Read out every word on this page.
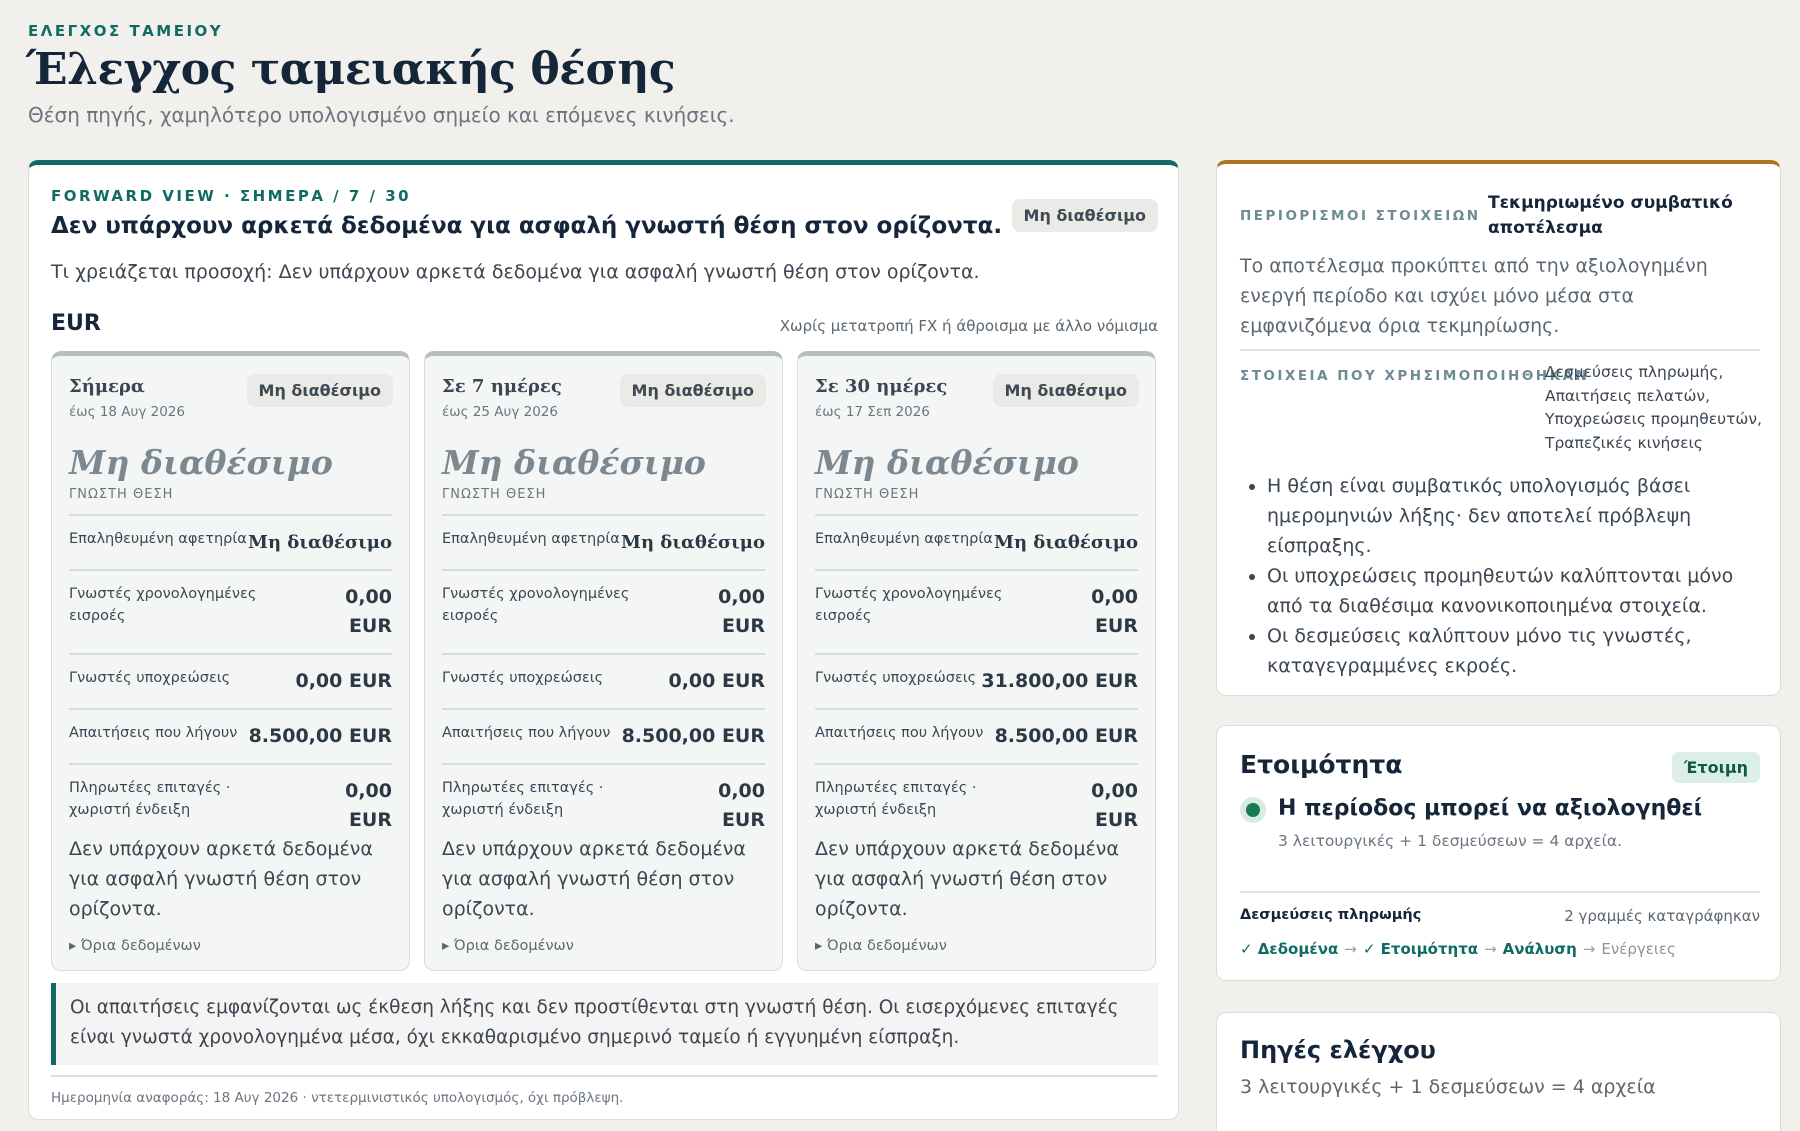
ΕΛΕΓΧΟΣ ΤΑΜΕΙΟΥ
Έλεγχος ταμειακής θέσης
Θέση πηγής, χαμηλότερο υπολογισμένο σημείο και επόμενες κινήσεις.
FORWARD VIEW · ΣΗΜΕΡΑ / 7 / 30
Δεν υπάρχουν αρκετά δεδομένα για ασφαλή γνωστή θέση στον ορίζοντα.	Μη διαθέσιμο
Τι χρειάζεται προσοχή: Δεν υπάρχουν αρκετά δεδομένα για ασφαλή γνωστή θέση στον ορίζοντα.
EUR	Χωρίς μετατροπή FX ή άθροισμα με άλλο νόμισμα
Σήμερα
έως 18 Αυγ 2026
Μη διαθέσιμο
Μη διαθέσιμο
ΓΝΩΣΤΗ ΘΕΣΗ
Επαληθευμένη αφετηρία Μη διαθέσιμο
Γνωστές χρονολογημένες εισροές
0,00 EUR
Γνωστές υποχρεώσεις	0,00 EUR
Απαιτήσεις που λήγουν 8.500,00 EUR
Πληρωτέες επιταγές · χωριστή ένδειξη
0,00 EUR
Δεν υπάρχουν αρκετά δεδομένα για ασφαλή γνωστή θέση στον ορίζοντα.
▸ Όρια δεδομένων
Σε 7 ημέρες
έως 25 Αυγ 2026
Μη διαθέσιμο
Μη διαθέσιμο
ΓΝΩΣΤΗ ΘΕΣΗ
Επαληθευμένη αφετηρία Μη διαθέσιμο
Γνωστές χρονολογημένες εισροές
0,00 EUR
Γνωστές υποχρεώσεις	0,00 EUR
Απαιτήσεις που λήγουν 8.500,00 EUR
Πληρωτέες επιταγές · χωριστή ένδειξη
0,00 EUR
Δεν υπάρχουν αρκετά δεδομένα για ασφαλή γνωστή θέση στον ορίζοντα.
▸ Όρια δεδομένων
Σε 30 ημέρες
έως 17 Σεπ 2026
Μη διαθέσιμο
Μη διαθέσιμο
ΓΝΩΣΤΗ ΘΕΣΗ
Επαληθευμένη αφετηρία Μη διαθέσιμο
Γνωστές χρονολογημένες εισροές
0,00 EUR
Γνωστές υποχρεώσεις 31.800,00 EUR
Απαιτήσεις που λήγουν 8.500,00 EUR
Πληρωτέες επιταγές · χωριστή ένδειξη
0,00 EUR
Δεν υπάρχουν αρκετά δεδομένα για ασφαλή γνωστή θέση στον ορίζοντα.
▸ Όρια δεδομένων
Οι απαιτήσεις εμφανίζονται ως έκθεση λήξης και δεν προστίθενται στη γνωστή θέση. Οι εισερχόμενες επιταγές είναι γνωστά χρονολογημένα μέσα, όχι εκκαθαρισμένο σημερινό ταμείο ή εγγυημένη είσπραξη.
Ημερομηνία αναφοράς: 18 Αυγ 2026 · ντετερμινιστικός υπολογισμός, όχι πρόβλεψη.
ΠΕΡΙΟΡΙΣΜΟΙ ΣΤΟΙΧΕΙΩΝ
Τεκμηριωμένο συμβατικό αποτέλεσμα
Το αποτέλεσμα προκύπτει από την αξιολογημένη ενεργή περίοδο και ισχύει μόνο μέσα στα εμφανιζόμενα όρια τεκμηρίωσης.
ΣΤΟΙΧΕΙΑ ΠΟΥ ΧΡΗΣΙΜΟΠΟΙΗΘΗΚΑΝ
Δεσμεύσεις πληρωμής, Απαιτήσεις πελατών, Υποχρεώσεις προμηθευτών, Τραπεζικές κινήσεις
• Η θέση είναι συμβατικός υπολογισμός βάσει ημερομηνιών λήξης· δεν αποτελεί πρόβλεψη είσπραξης.
• Οι υποχρεώσεις προμηθευτών καλύπτονται μόνο από τα διαθέσιμα κανονικοποιημένα στοιχεία.
• Οι δεσμεύσεις καλύπτουν μόνο τις γνωστές, καταγεγραμμένες εκροές.
Ετοιμότητα	Έτοιμη
Η περίοδος μπορεί να αξιολογηθεί
3 λειτουργικές + 1 δεσμεύσεων = 4 αρχεία.
Δεσμεύσεις πληρωμής	2 γραμμές καταγράφηκαν
✓ Δεδομένα → ✓ Ετοιμότητα → Ανάλυση → Ενέργειες
Πηγές ελέγχου
3 λειτουργικές + 1 δεσμεύσεων = 4 αρχεία
